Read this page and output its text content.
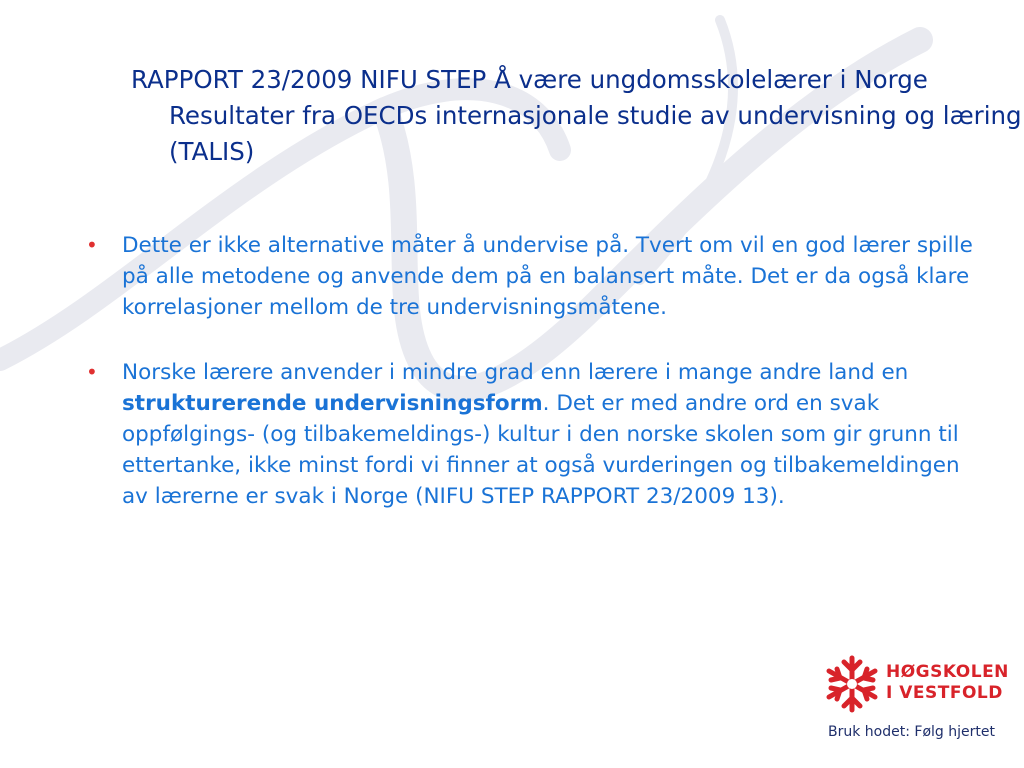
RAPPORT 23/2009 NIFU STEP Å være ungdomsskolelærer i Norge Resultater fra OECDs internasjonale studie av undervisning og læring (TALIS)
• Dette er ikke alternative måter å undervise på. Tvert om vil en god lærer spille på alle metodene og anvende dem på en balansert måte. Det er da også klare korrelasjoner mellom de tre undervisningsmåtene.
• Norske lærere anvender i mindre grad enn lærere i mange andre land en strukturerende undervisningsform. Det er med andre ord en svak oppfølgings- (og tilbakemeldings-) kultur i den norske skolen som gir grunn til ettertanke, ikke minst fordi vi finner at også vurderingen og tilbakemeldingen av lærerne er svak i Norge (NIFU STEP RAPPORT 23/2009 13).
HØGSKOLEN
I VESTFOLD
Bruk hodet: Følg hjertet
